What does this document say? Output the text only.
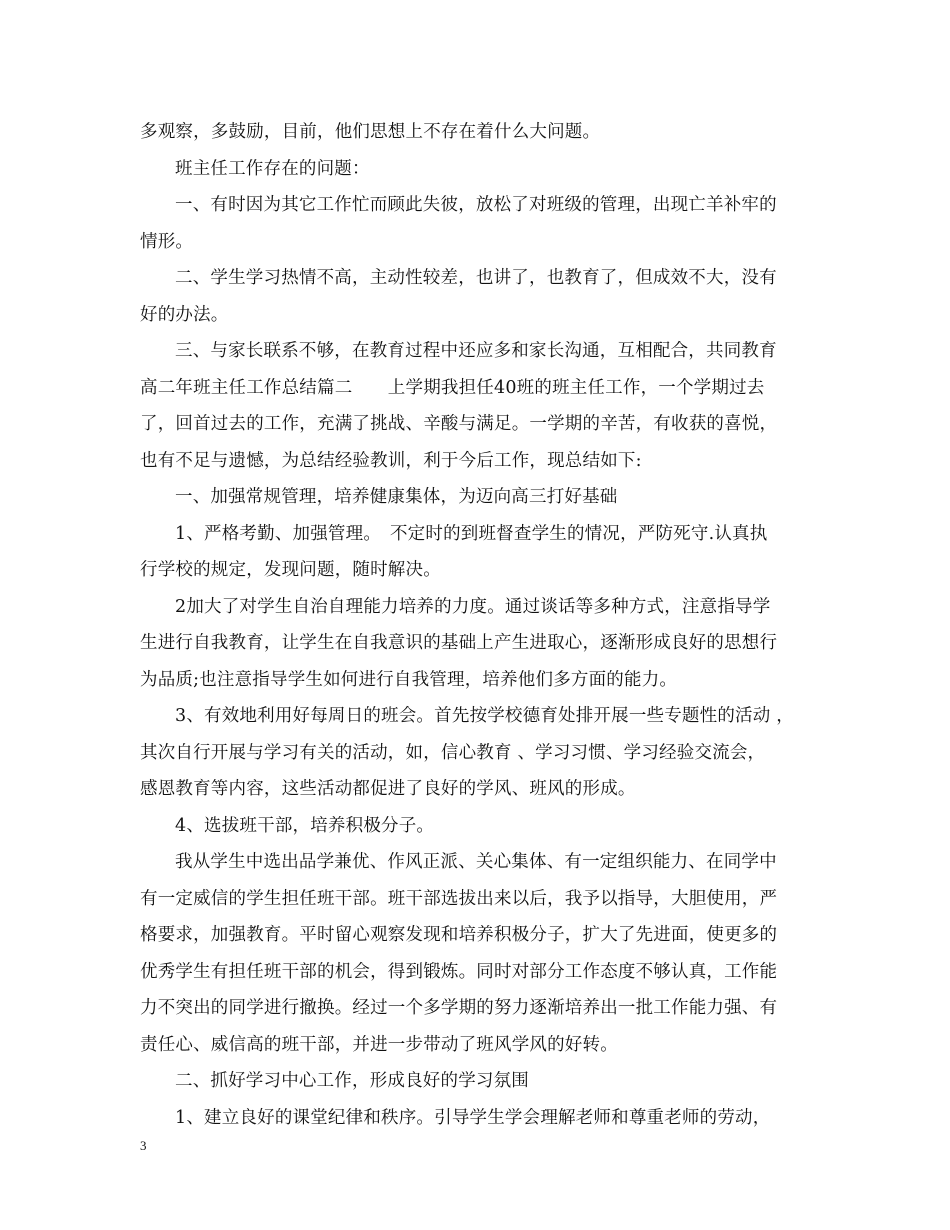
多观察，多鼓励，目前，他们思想上不存在着什么大问题。
班主任工作存在的问题：
一、有时因为其它工作忙而顾此失彼，放松了对班级的管理，出现亡羊补牢的
情形。
二、学生学习热情不高，主动性较差，也讲了，也教育了，但成效不大，没有
好的办法。
三、与家长联系不够，在教育过程中还应多和家长沟通，互相配合，共同教育
高二年班主任工作总结篇二　　上学期我担任40班的班主任工作，一个学期过去
了，回首过去的工作，充满了挑战、辛酸与满足。一学期的辛苦，有收获的喜悦，
也有不足与遗憾，为总结经验教训，利于今后工作，现总结如下:
一、加强常规管理，培养健康集体，为迈向高三打好基础
1、严格考勤、加强管理。　不定时的到班督查学生的情况，严防死守.认真执
行学校的规定，发现问题，随时解决。
2加大了对学生自治自理能力培养的力度。通过谈话等多种方式，注意指导学
生进行自我教育，让学生在自我意识的基础上产生进取心，逐渐形成良好的思想行
为品质;也注意指导学生如何进行自我管理，培养他们多方面的能力。
3、有效地利用好每周日的班会。首先按学校德育处排开展一些专题性的活动 ，
其次自行开展与学习有关的活动，如，信心教育 、学习习惯、学习经验交流会，
感恩教育等内容，这些活动都促进了良好的学风、班风的形成。
4、选拔班干部，培养积极分子。
我从学生中选出品学兼优、作风正派、关心集体、有一定组织能力、在同学中
有一定威信的学生担任班干部。班干部选拔出来以后，我予以指导，大胆使用，严
格要求，加强教育。平时留心观察发现和培养积极分子，扩大了先进面，使更多的
优秀学生有担任班干部的机会，得到锻炼。同时对部分工作态度不够认真，工作能
力不突出的同学进行撤换。经过一个多学期的努力逐渐培养出一批工作能力强、有
责任心、威信高的班干部，并进一步带动了班风学风的好转。
二、抓好学习中心工作，形成良好的学习氛围
1、建立良好的课堂纪律和秩序。引导学生学会理解老师和尊重老师的劳动，
3
